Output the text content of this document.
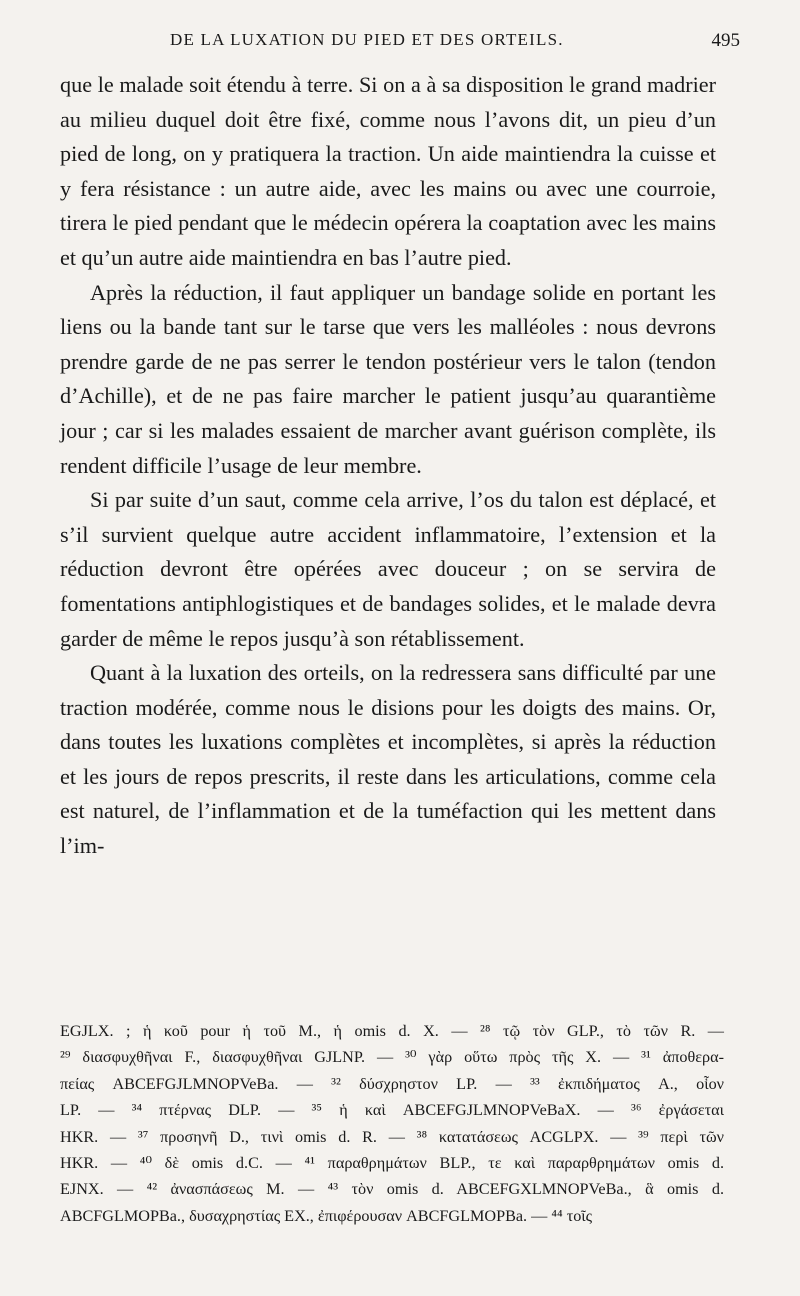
DE LA LUXATION DU PIED ET DES ORTEILS.	495

que le malade soit étendu à terre. Si on a à sa disposition le grand madrier au milieu duquel doit être fixé, comme nous l’avons dit, un pieu d’un pied de long, on y pratiquera la traction. Un aide maintiendra la cuisse et y fera résistance : un autre aide, avec les mains ou avec une courroie, tirera le pied pendant que le médecin opérera la coaptation avec les mains et qu’un autre aide maintiendra en bas l’autre pied.

Après la réduction, il faut appliquer un bandage solide en portant les liens ou la bande tant sur le tarse que vers les malléoles : nous devrons prendre garde de ne pas serrer le tendon postérieur vers le talon (tendon d’Achille), et de ne pas faire marcher le patient jusqu’au quarantième jour ; car si les malades essaient de marcher avant guérison complète, ils rendent difficile l’usage de leur membre.

Si par suite d’un saut, comme cela arrive, l’os du talon est déplacé, et s’il survient quelque autre accident inflammatoire, l’extension et la réduction devront être opérées avec douceur ; on se servira de fomentations antiphlogistiques et de bandages solides, et le malade devra garder de même le repos jusqu’à son rétablissement.

Quant à la luxation des orteils, on la redressera sans difficulté par une traction modérée, comme nous le disions pour les doigts des mains. Or, dans toutes les luxations complètes et incomplètes, si après la réduction et les jours de repos prescrits, il reste dans les articulations, comme cela est naturel, de l’inflammation et de la tuméfaction qui les mettent dans l’im-

EGJLX. ; ἡ κοῦ pour ἡ τοῦ M., ἡ omis d. X. — ²⁸ τῷ τὸν GLP., τὸ τῶν R. —

²⁹ διασφυχθῆναι F., διασφυχθῆναι GJLNP. — ³⁰ γὰρ οὕτω πρὸς τῆς X. — ³¹ ἀποθερα-

πείας ABCEFGJLMNOPVeBa. — ³² δύσχρηστον LP. — ³³ ἐκπιδήματος A., οἷον

LP. — ³⁴ πτέρνας DLP. — ³⁵ ἡ καὶ ABCEFGJLMNOPVeBaX. — ³⁶ ἐργάσεται

HKR. — ³⁷ προσηνῆ D., τινὶ omis d. R. — ³⁸ κατατάσεως ACGLPX. — ³⁹ περὶ τῶν

HKR. — ⁴⁰ δὲ omis d.C. — ⁴¹ παραθρημάτων BLP., τε καὶ παραρθρημάτων omis d.

EJNX. — ⁴² ἀνασπάσεως M. — ⁴³ τὸν omis d. ABCEFGXLMNOPVeBa., ἃ omis d.

ABCFGLMOPBa., δυσαχρηστίας EX., ἐπιφέρουσαν ABCFGLMOPBa. — ⁴⁴ τοῖς
